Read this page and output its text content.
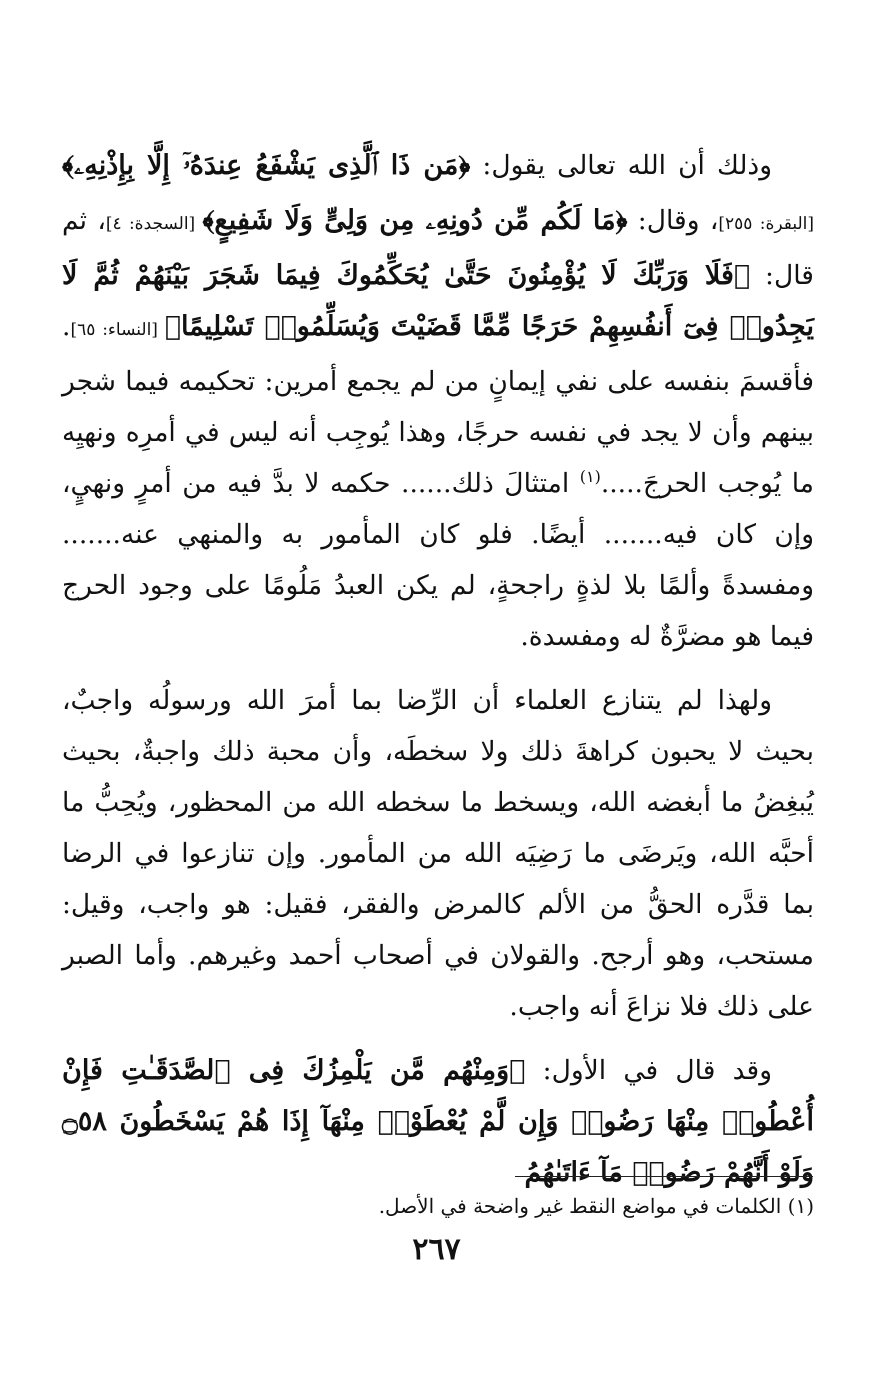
وذلك أن الله تعالى يقول: ﴿مَن ذَا ٱلَّذِى يَشْفَعُ عِندَهُۥٓ إِلَّا بِإِذْنِهِۦ﴾ [البقرة: ٢٥٥]، وقال: ﴿مَا لَكُم مِّن دُونِهِۦ مِن وَلِىٍّ وَلَا شَفِيعٍ﴾ [السجدة: ٤]، ثم قال: ﴿فَلَا وَرَبِّكَ لَا يُؤْمِنُونَ حَتَّىٰ يُحَكِّمُوكَ فِيمَا شَجَرَ بَيْنَهُمْ ثُمَّ لَا يَجِدُوا۟ فِىٓ أَنفُسِهِمْ حَرَجًا مِّمَّا قَضَيْتَ وَيُسَلِّمُوا۟ تَسْلِيمًا﴾ [النساء: ٦٥]. فأقسمَ بنفسه على نفي إيمانٍ من لم يجمع أمرين: تحكيمه فيما شجر بينهم وأن لا يجد في نفسه حرجًا، وهذا يُوجِب أنه ليس في أمرِه ونهيِه ما يُوجب الحرجَ.....$^{(١)}$ امتثالَ ذلك...... حكمه لا بدَّ فيه من أمرٍ ونهيٍ، وإن كان فيه....... أيضًا. فلو كان المأمور به والمنهي عنه....... ومفسدةً وألمًا بلا لذةٍ راجحةٍ، لم يكن العبدُ مَلُومًا على وجود الحرج فيما هو مضرَّةٌ له ومفسدة.

ولهذا لم يتنازع العلماء أن الرِّضا بما أمرَ الله ورسولُه واجبٌ، بحيث لا يحبون كراهةَ ذلك ولا سخطَه، وأن محبة ذلك واجبةٌ، بحيث يُبغِضُ ما أبغضه الله، ويسخط ما سخطه الله من المحظور، ويُحِبُّ ما أحبَّه الله، ويَرضَى ما رَضِيَه الله من المأمور. وإن تنازعوا في الرضا بما قدَّره الحقُّ من الألم كالمرض والفقر، فقيل: هو واجب، وقيل: مستحب، وهو أرجح. والقولان في أصحاب أحمد وغيرهم. وأما الصبر على ذلك فلا نزاعَ أنه واجب.

وقد قال في الأول: ﴿وَمِنْهُم مَّن يَلْمِزُكَ فِى ٱلصَّدَقَـٰتِ فَإِنْ أُعْطُوا۟ مِنْهَا رَضُوا۟ وَإِن لَّمْ يُعْطَوْا۟ مِنْهَآ إِذَا هُمْ يَسْخَطُونَ ۝٥٨ وَلَوْ أَنَّهُمْ رَضُوا۟ مَآ ءَاتَىٰهُمُ

(١) الكلمات في مواضع النقط غير واضحة في الأصل.
٢٦٧
